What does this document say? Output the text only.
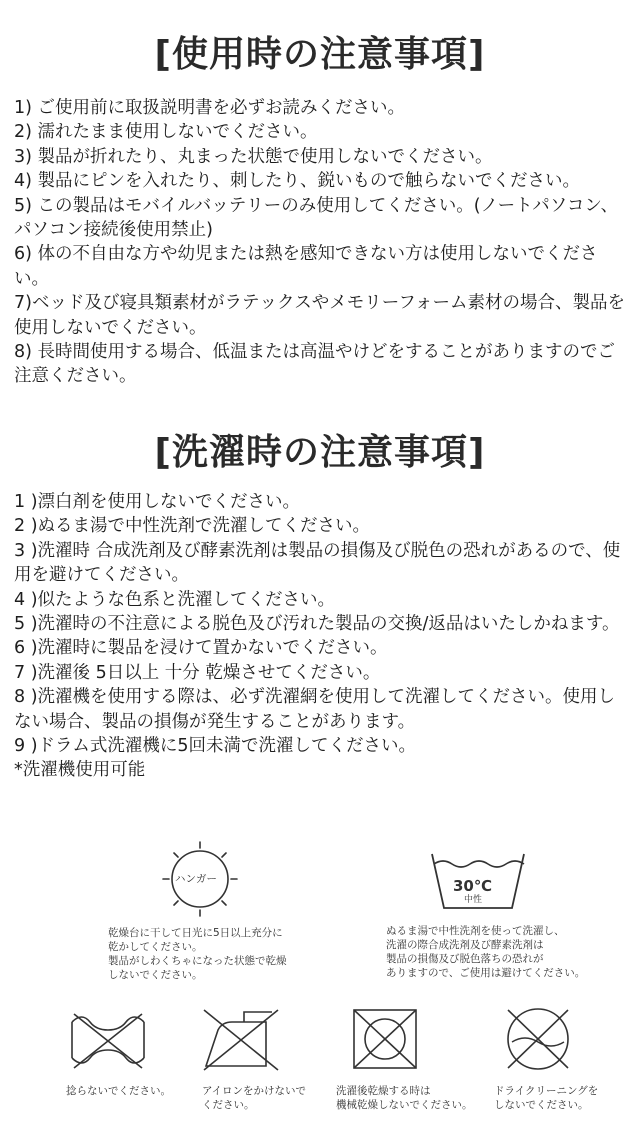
[使用時の注意事項]
1) ご使用前に取扱説明書を必ずお読みください。
2) 濡れたまま使用しないでください。
3) 製品が折れたり、丸まった状態で使用しないでください。
4) 製品にピンを入れたり、刺したり、鋭いもので触らないでください。
5) この製品はモバイルバッテリーのみ使用してください。(ノートパソコン、パソコン接続後使用禁止)
6) 体の不自由な方や幼児または熱を感知できない方は使用しないでください。
7)ベッド及び寝具類素材がラテックスやメモリーフォーム素材の場合、製品を使用しないでください。
8) 長時間使用する場合、低温または高温やけどをすることがありますのでご注意ください。
[洗濯時の注意事項]
1 )漂白剤を使用しないでください。
2 )ぬるま湯で中性洗剤で洗濯してください。
3 )洗濯時 合成洗剤及び酵素洗剤は製品の損傷及び脱色の恐れがあるので、使用を避けてください。
4 )似たような色系と洗濯してください。
5 )洗濯時の不注意による脱色及び汚れた製品の交換/返品はいたしかねます。
6 )洗濯時に製品を浸けて置かないでください。
7 )洗濯後 5日以上 十分 乾燥させてください。
8 )洗濯機を使用する際は、必ず洗濯網を使用して洗濯してください。使用しない場合、製品の損傷が発生することがあります。
9 )ドラム式洗濯機に5回未満で洗濯してください。
*洗濯機使用可能
ハンガー
乾燥台に干して日光に5日以上充分に
乾かしてください。
製品がしわくちゃになった状態で乾燥
しないでください。
30℃
中性
ぬるま湯で中性洗剤を使って洗濯し、
洗濯の際合成洗剤及び酵素洗剤は
製品の損傷及び脱色落ちの恐れが
ありますので、ご使用は避けてください。
捻らないでください。	アイロンをかけないで
ください。
洗濯後乾燥する時は
機械乾燥しないでください。
ドライクリーニングを
しないでください。
